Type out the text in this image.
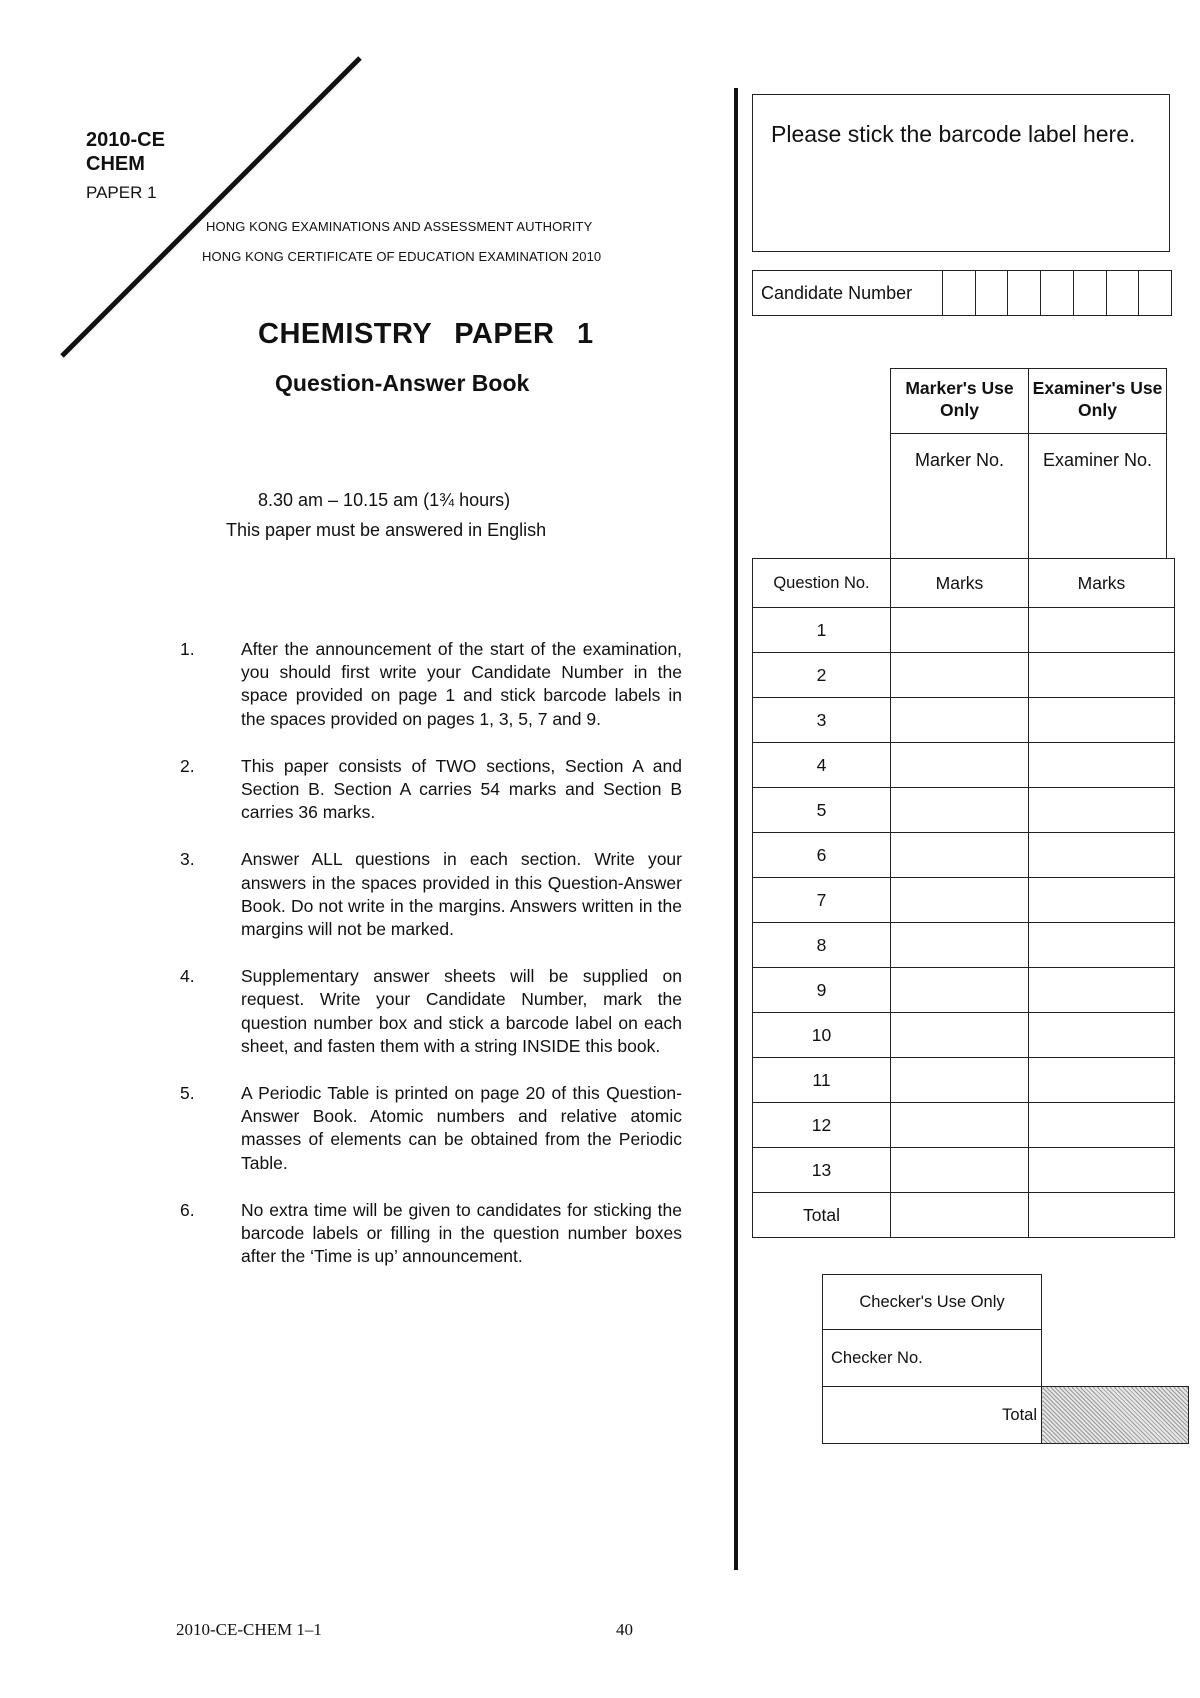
2010-CE
CHEM
PAPER 1
HONG KONG EXAMINATIONS AND ASSESSMENT AUTHORITY
HONG KONG CERTIFICATE OF EDUCATION EXAMINATION 2010
CHEMISTRY PAPER 1
Question-Answer Book
8.30 am – 10.15 am (1¾ hours)
This paper must be answered in English
1.	After the announcement of the start of the examination, you should first write your Candidate Number in the space provided on page 1 and stick barcode labels in the spaces provided on pages 1, 3, 5, 7 and 9.
2.	This paper consists of TWO sections, Section A and Section B. Section A carries 54 marks and Section B carries 36 marks.
3.	Answer ALL questions in each section. Write your answers in the spaces provided in this Question-Answer Book. Do not write in the margins. Answers written in the margins will not be marked.
4.	Supplementary answer sheets will be supplied on request. Write your Candidate Number, mark the question number box and stick a barcode label on each sheet, and fasten them with a string INSIDE this book.
5.	A Periodic Table is printed on page 20 of this Question-Answer Book. Atomic numbers and relative atomic masses of elements can be obtained from the Periodic Table.
6.	No extra time will be given to candidates for sticking the barcode labels or filling in the question number boxes after the ‘Time is up’ announcement.
2010-CE-CHEM 1–1	40
Please stick the barcode label here.
Candidate Number
Marker's Use Only	Examiner's Use Only
Marker No.	Examiner No.
Question No.	Marks	Marks
1		
2		
3		
4		
5		
6		
7		
8		
9		
10		
11		
12		
13		
Total		
Checker's Use Only
Checker No.
Total	
